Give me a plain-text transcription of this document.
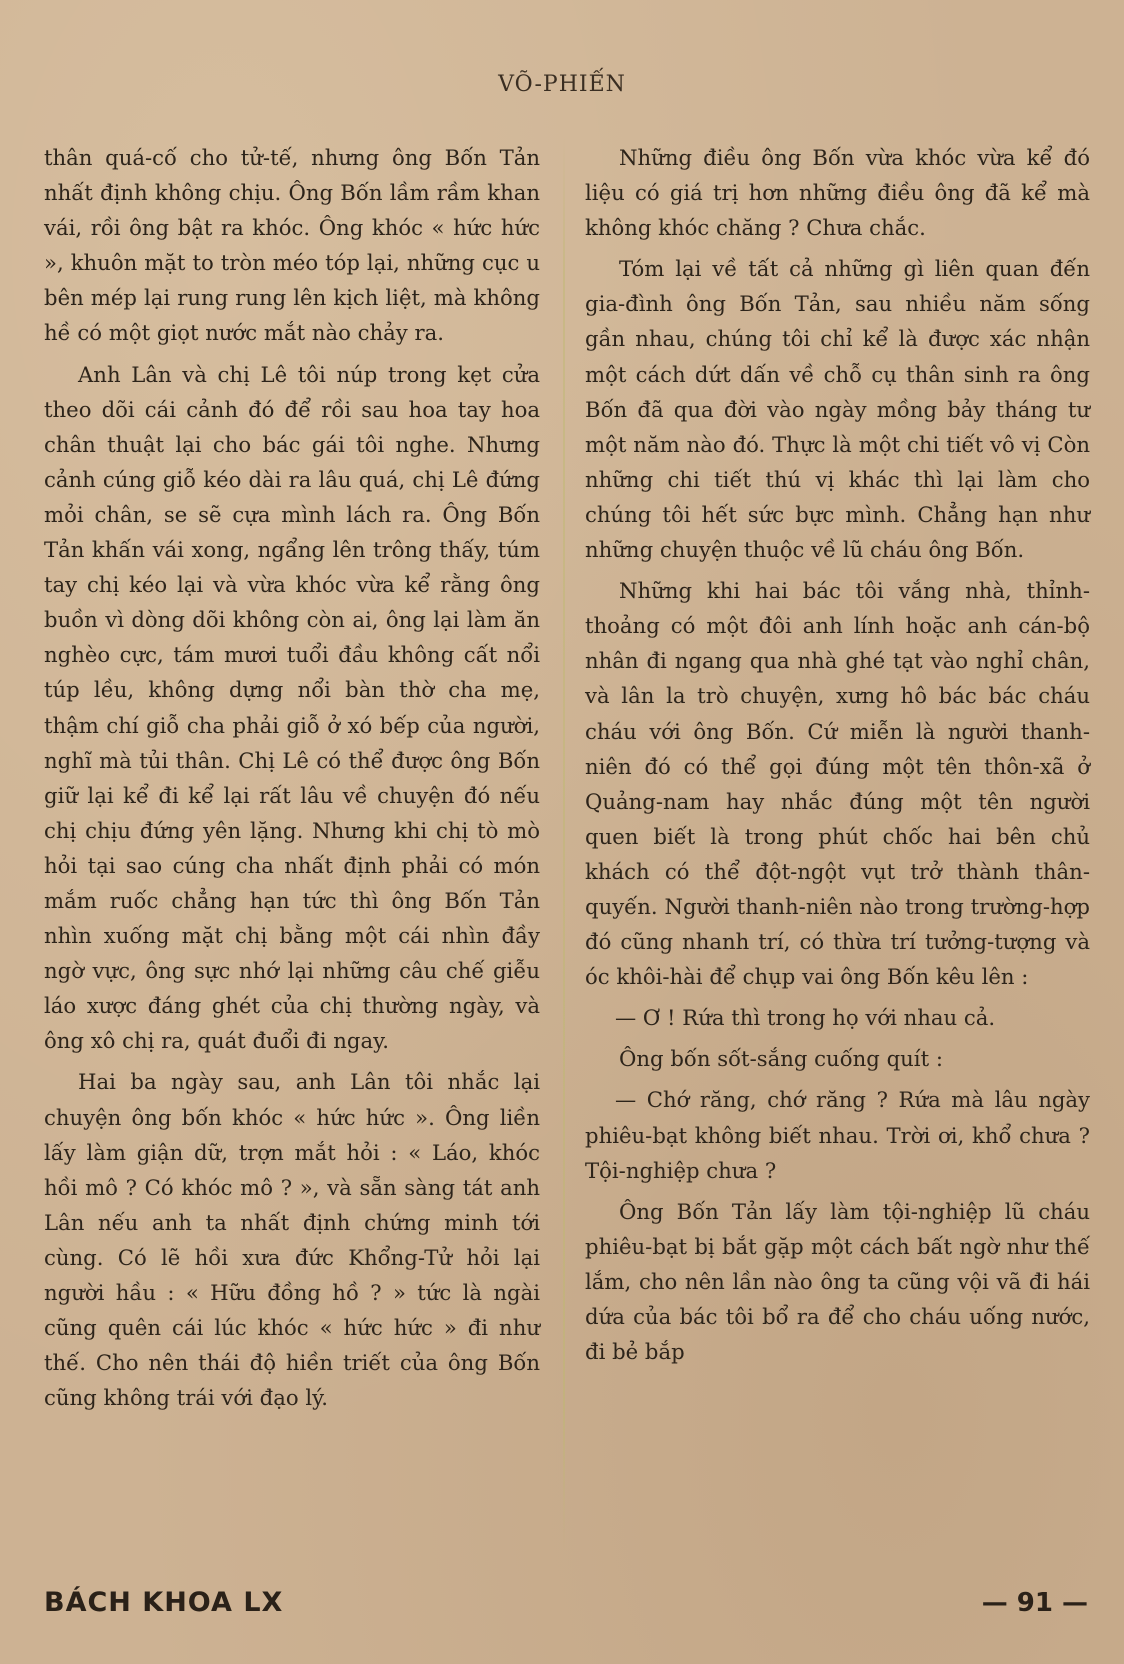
VÕ-PHIẾN

thân quá-cố cho tử-tế, nhưng ông Bốn Tản nhất định không chịu. Ông Bốn lầm rầm khan vái, rồi ông bật ra khóc. Ông khóc « hức hức », khuôn mặt to tròn méo tóp lại, những cục u bên mép lại rung rung lên kịch liệt, mà không hề có một giọt nước mắt nào chảy ra.

Anh Lân và chị Lê tôi núp trong kẹt cửa theo dõi cái cảnh đó để rồi sau hoa tay hoa chân thuật lại cho bác gái tôi nghe. Nhưng cảnh cúng giỗ kéo dài ra lâu quá, chị Lê đứng mỏi chân, se sẽ cựa mình lách ra. Ông Bốn Tản khấn vái xong, ngẩng lên trông thấy, túm tay chị kéo lại và vừa khóc vừa kể rằng ông buồn vì dòng dõi không còn ai, ông lại làm ăn nghèo cực, tám mươi tuổi đầu không cất nổi túp lều, không dựng nổi bàn thờ cha mẹ, thậm chí giỗ cha phải giỗ ở xó bếp của người, nghĩ mà tủi thân. Chị Lê có thể được ông Bốn giữ lại kể đi kể lại rất lâu về chuyện đó nếu chị chịu đứng yên lặng. Nhưng khi chị tò mò hỏi tại sao cúng cha nhất định phải có món mắm ruốc chẳng hạn tức thì ông Bốn Tản nhìn xuống mặt chị bằng một cái nhìn đầy ngờ vực, ông sực nhớ lại những câu chế giễu láo xược đáng ghét của chị thường ngày, và ông xô chị ra, quát đuổi đi ngay.

Hai ba ngày sau, anh Lân tôi nhắc lại chuyện ông bốn khóc « hức hức ». Ông liền lấy làm giận dữ, trợn mắt hỏi : « Láo, khóc hồi mô ? Có khóc mô ? », và sẵn sàng tát anh Lân nếu anh ta nhất định chứng minh tới cùng. Có lẽ hồi xưa đức Khổng-Tử hỏi lại người hầu : « Hữu đồng hồ ? » tức là ngài cũng quên cái lúc khóc « hức hức » đi như thế. Cho nên thái độ hiền triết của ông Bốn cũng không trái với đạo lý.

Những điều ông Bốn vừa khóc vừa kể đó liệu có giá trị hơn những điều ông đã kể mà không khóc chăng ? Chưa chắc.

Tóm lại về tất cả những gì liên quan đến gia-đình ông Bốn Tản, sau nhiều năm sống gần nhau, chúng tôi chỉ kể là được xác nhận một cách dứt dấn về chỗ cụ thân sinh ra ông Bốn đã qua đời vào ngày mồng bảy tháng tư một năm nào đó. Thực là một chi tiết vô vị Còn những chi tiết thú vị khác thì lại làm cho chúng tôi hết sức bực mình. Chẳng hạn như những chuyện thuộc về lũ cháu ông Bốn.

Những khi hai bác tôi vắng nhà, thỉnh-thoảng có một đôi anh lính hoặc anh cán-bộ nhân đi ngang qua nhà ghé tạt vào nghỉ chân, và lân la trò chuyện, xưng hô bác bác cháu cháu với ông Bốn. Cứ miễn là người thanh-niên đó có thể gọi đúng một tên thôn-xã ở Quảng-nam hay nhắc đúng một tên người quen biết là trong phút chốc hai bên chủ khách có thể đột-ngột vụt trở thành thân-quyến. Người thanh-niên nào trong trường-hợp đó cũng nhanh trí, có thừa trí tưởng-tượng và óc khôi-hài để chụp vai ông Bốn kêu lên :

— Ơ ! Rứa thì trong họ với nhau cả.

Ông bốn sốt-sắng cuống quít :

— Chớ răng, chớ răng ? Rứa mà lâu ngày phiêu-bạt không biết nhau. Trời ơi, khổ chưa ? Tội-nghiệp chưa ?

Ông Bốn Tản lấy làm tội-nghiệp lũ cháu phiêu-bạt bị bắt gặp một cách bất ngờ như thế lắm, cho nên lần nào ông ta cũng vội vã đi hái dứa của bác tôi bổ ra để cho cháu uống nước, đi bẻ bắp

BÁCH KHOA LX	— 91 —
